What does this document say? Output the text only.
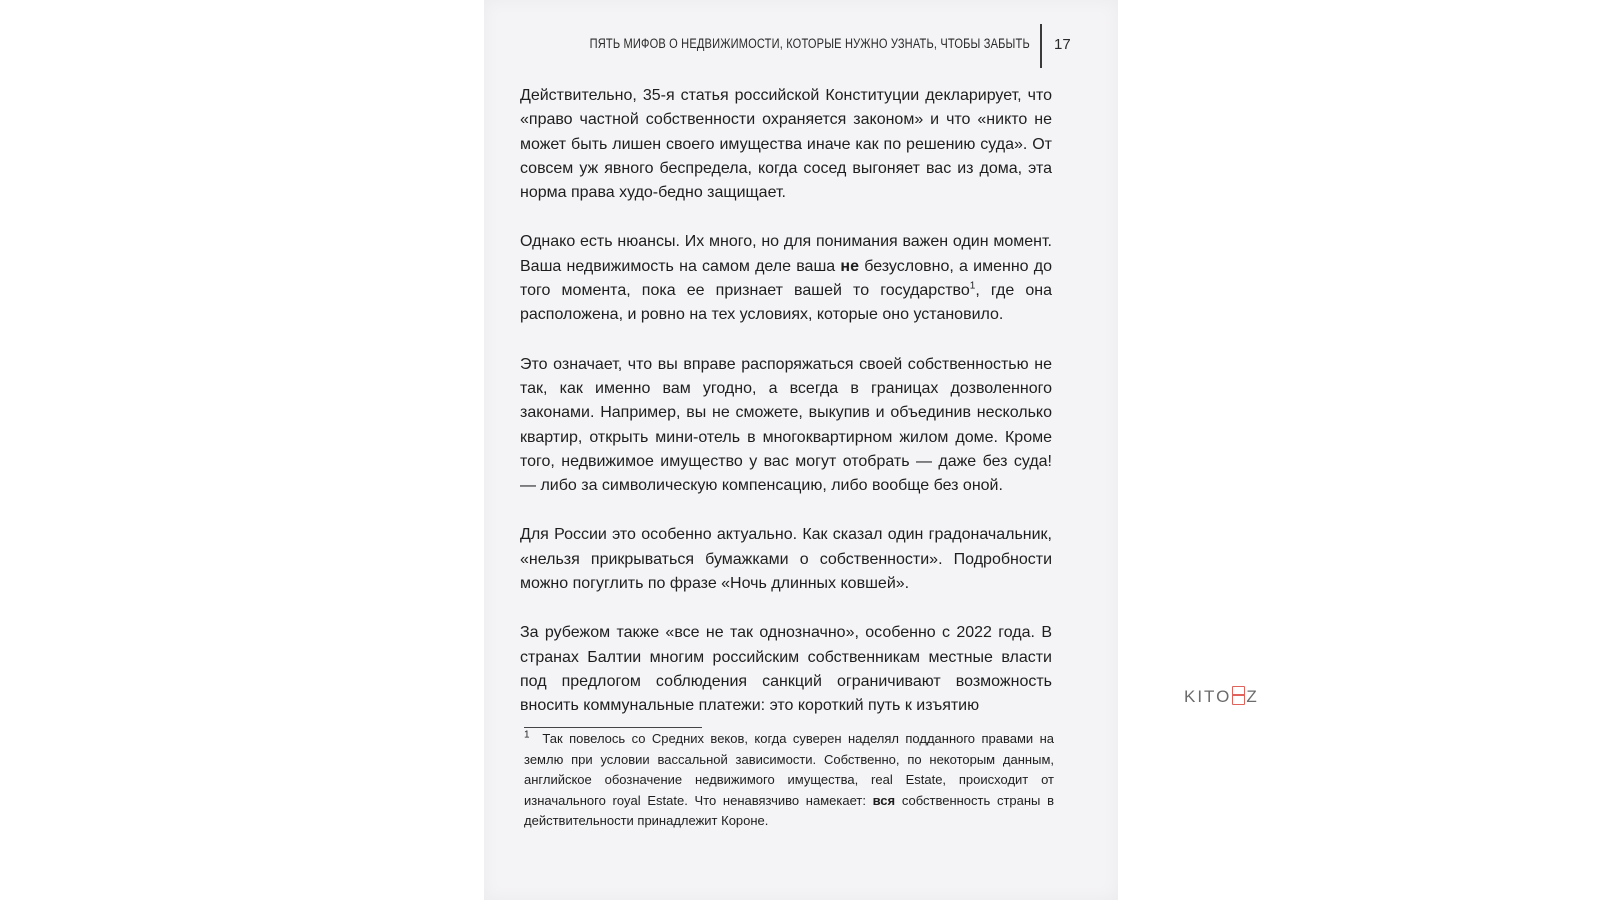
ПЯТЬ МИФОВ О НЕДВИЖИМОСТИ, КОТОРЫЕ НУЖНО УЗНАТЬ, ЧТОБЫ ЗАБЫТЬ 17

Действительно, 35-я статья российской Конституции декларирует, что «право частной собственности охраняется законом» и что «никто не может быть лишен своего имущества иначе как по решению суда». От совсем уж явного беспредела, когда сосед выгоняет вас из дома, эта норма права худо-бедно защищает.

Однако есть нюансы. Их много, но для понимания важен один момент. Ваша недвижимость на самом деле ваша не безусловно, а именно до того момента, пока ее признает вашей то государство$^1$, где она расположена, и ровно на тех условиях, которые оно установило.

Это означает, что вы вправе распоряжаться своей собственностью не так, как именно вам угодно, а всегда в границах дозволенного законами. Например, вы не сможете, выкупив и объединив несколько квартир, открыть мини-отель в многоквартирном жилом доме. Кроме того, недвижимое имущество у вас могут отобрать — даже без суда! — либо за символическую компенсацию, либо вообще без оной.

Для России это особенно актуально. Как сказал один градоначальник, «нельзя прикрываться бумажками о собственности». Подробности можно погуглить по фразе «Ночь длинных ковшей».

За рубежом также «все не так однозначно», особенно с 2022 года. В странах Балтии многим российским собственникам местные власти под предлогом соблюдения санкций ограничивают возможность вносить коммунальные платежи: это короткий путь к изъятию

$^1$ Так повелось со Средних веков, когда суверен наделял подданного правами на землю при условии вассальной зависимости. Собственно, по некоторым данным, английское обозначение недвижимого имущества, real Estate, происходит от изначального royal Estate. Что ненавязчиво намекает: вся собственность страны в действительности принадлежит Короне.
KITO Z
